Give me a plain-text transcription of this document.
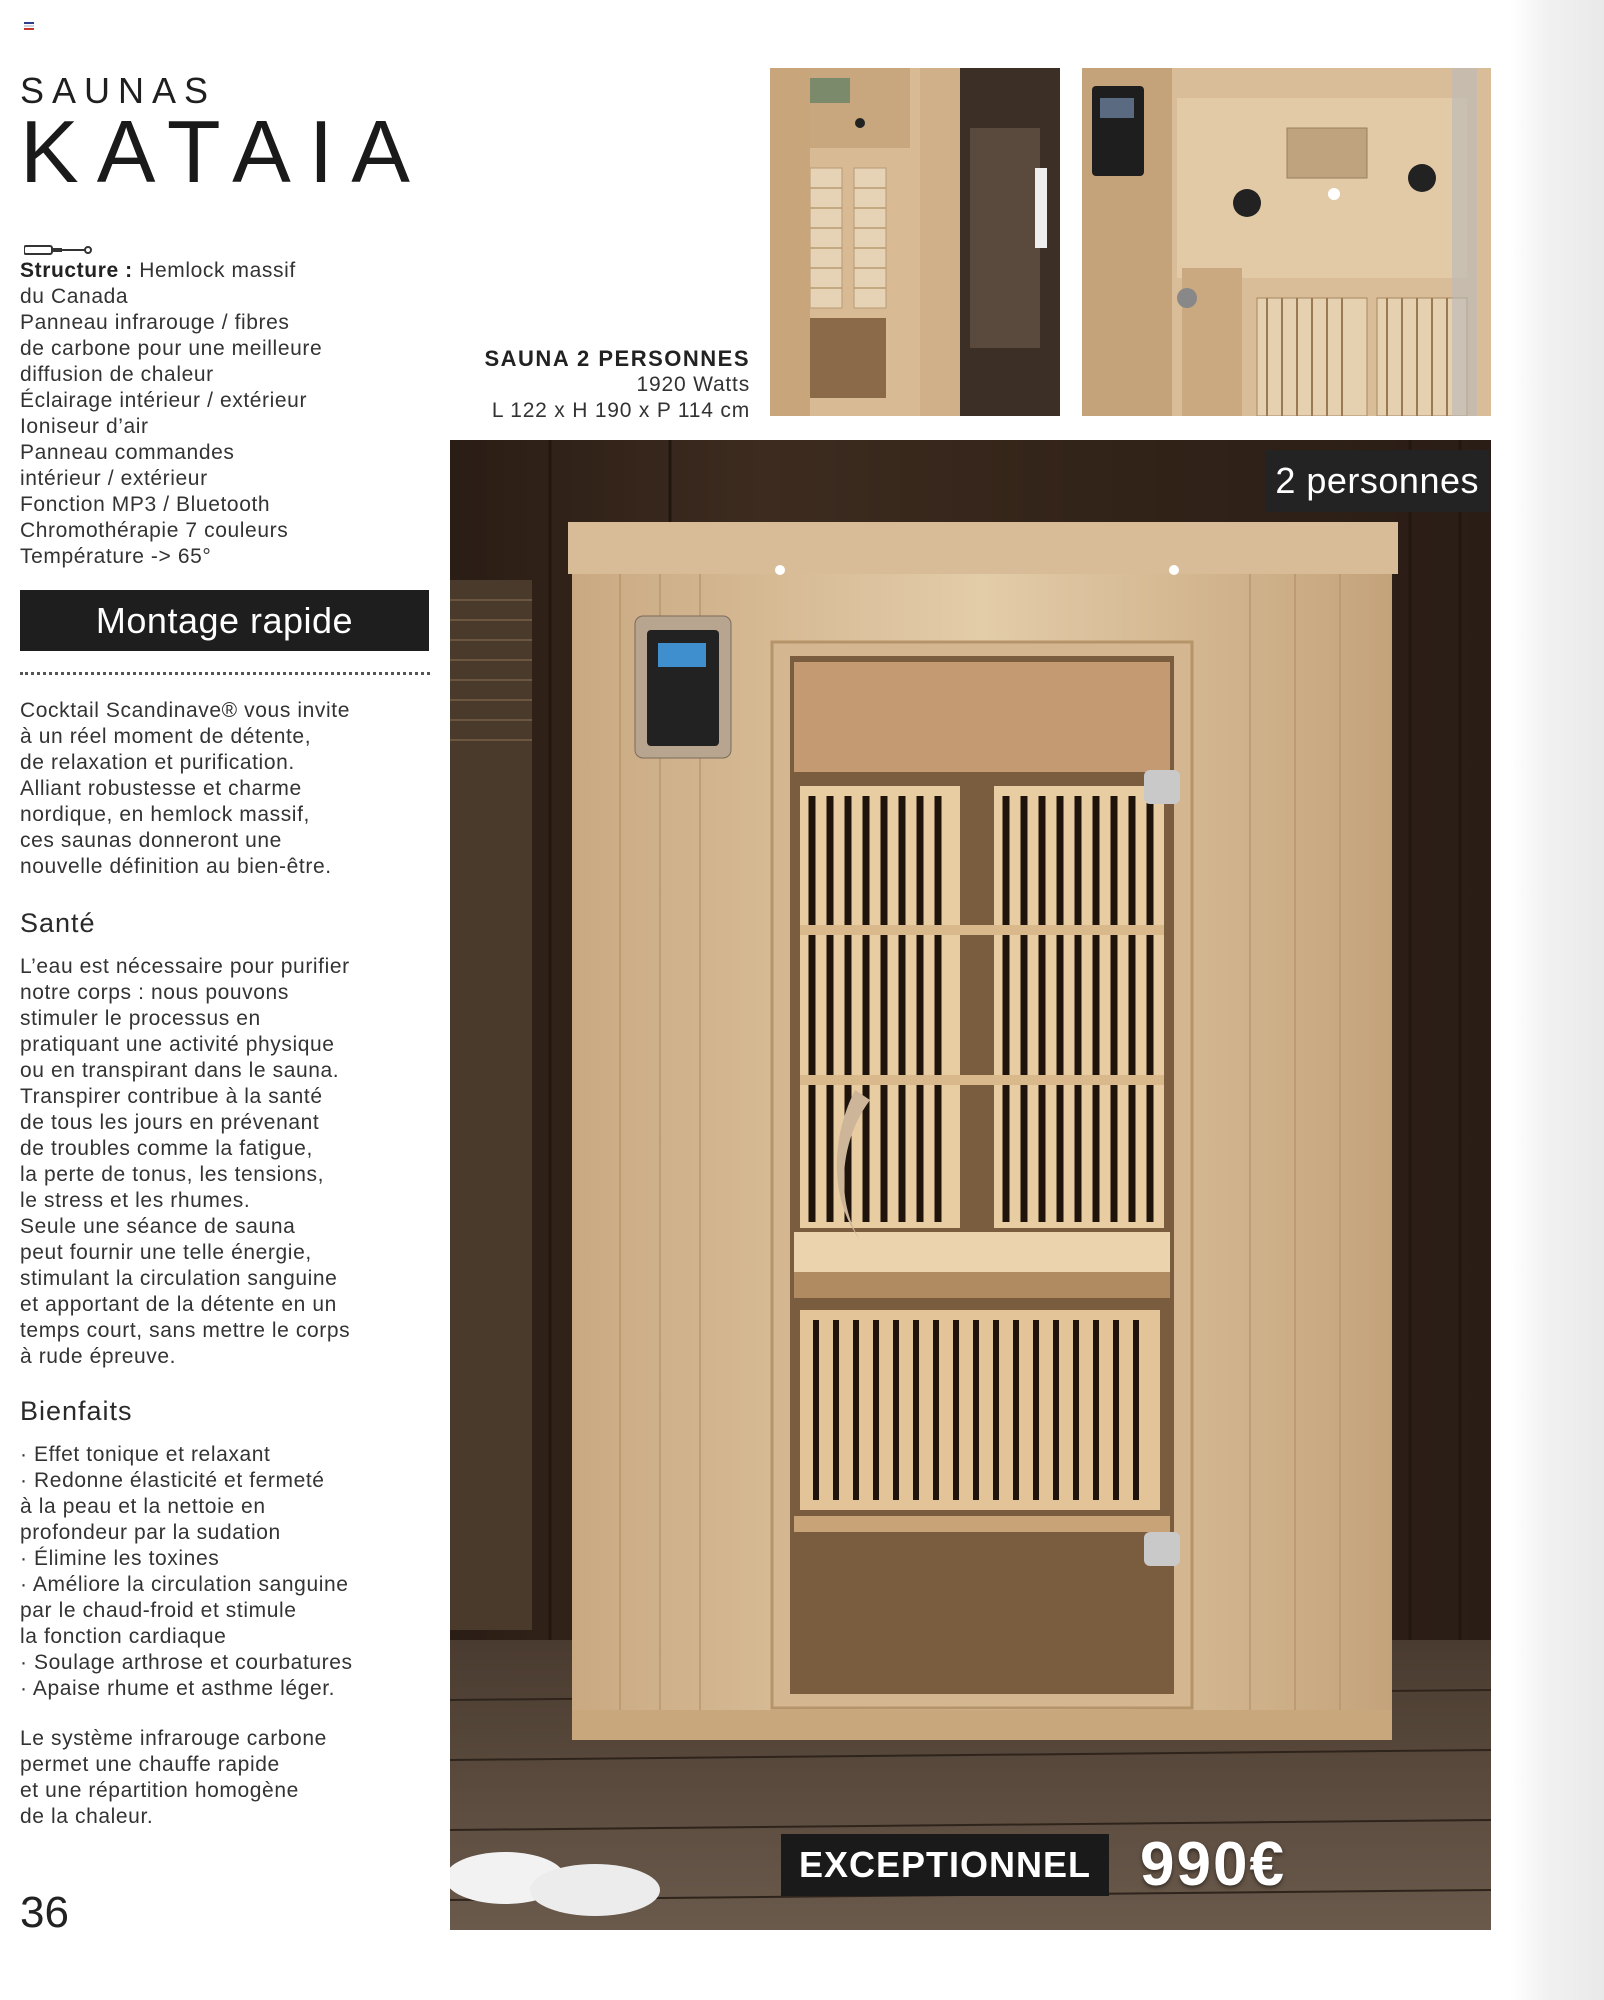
SAUNAS
KATAIA
Structure : Hemlock massif
du Canada
Panneau infrarouge / fibres
de carbone pour une meilleure
diffusion de chaleur
Éclairage intérieur / extérieur
Ioniseur d’air
Panneau commandes
intérieur / extérieur
Fonction MP3 / Bluetooth
Chromothérapie 7 couleurs
Température -> 65°
Montage rapide
Cocktail Scandinave® vous invite
à un réel moment de détente,
de relaxation et purification.
Alliant robustesse et charme
nordique, en hemlock massif,
ces saunas donneront une
nouvelle définition au bien-être.
Santé
L’eau est nécessaire pour purifier
notre corps : nous pouvons
stimuler le processus en
pratiquant une activité physique
ou en transpirant dans le sauna.
Transpirer contribue à la santé
de tous les jours en prévenant
de troubles comme la fatigue,
la perte de tonus, les tensions,
le stress et les rhumes.
Seule une séance de sauna
peut fournir une telle énergie,
stimulant la circulation sanguine
et apportant de la détente en un
temps court, sans mettre le corps
à rude épreuve.
Bienfaits
· Effet tonique et relaxant
· Redonne élasticité et fermeté
à la peau et la nettoie en
profondeur par la sudation
· Élimine les toxines
· Améliore la circulation sanguine
par le chaud-froid et stimule
la fonction cardiaque
· Soulage arthrose et courbatures
· Apaise rhume et asthme léger.
Le système infrarouge carbone
permet une chauffe rapide
et une répartition homogène
de la chaleur.
36
SAUNA 2 PERSONNES
1920 Watts
L 122 x H 190 x P 114 cm
2 personnes
EXCEPTIONNEL 990€
